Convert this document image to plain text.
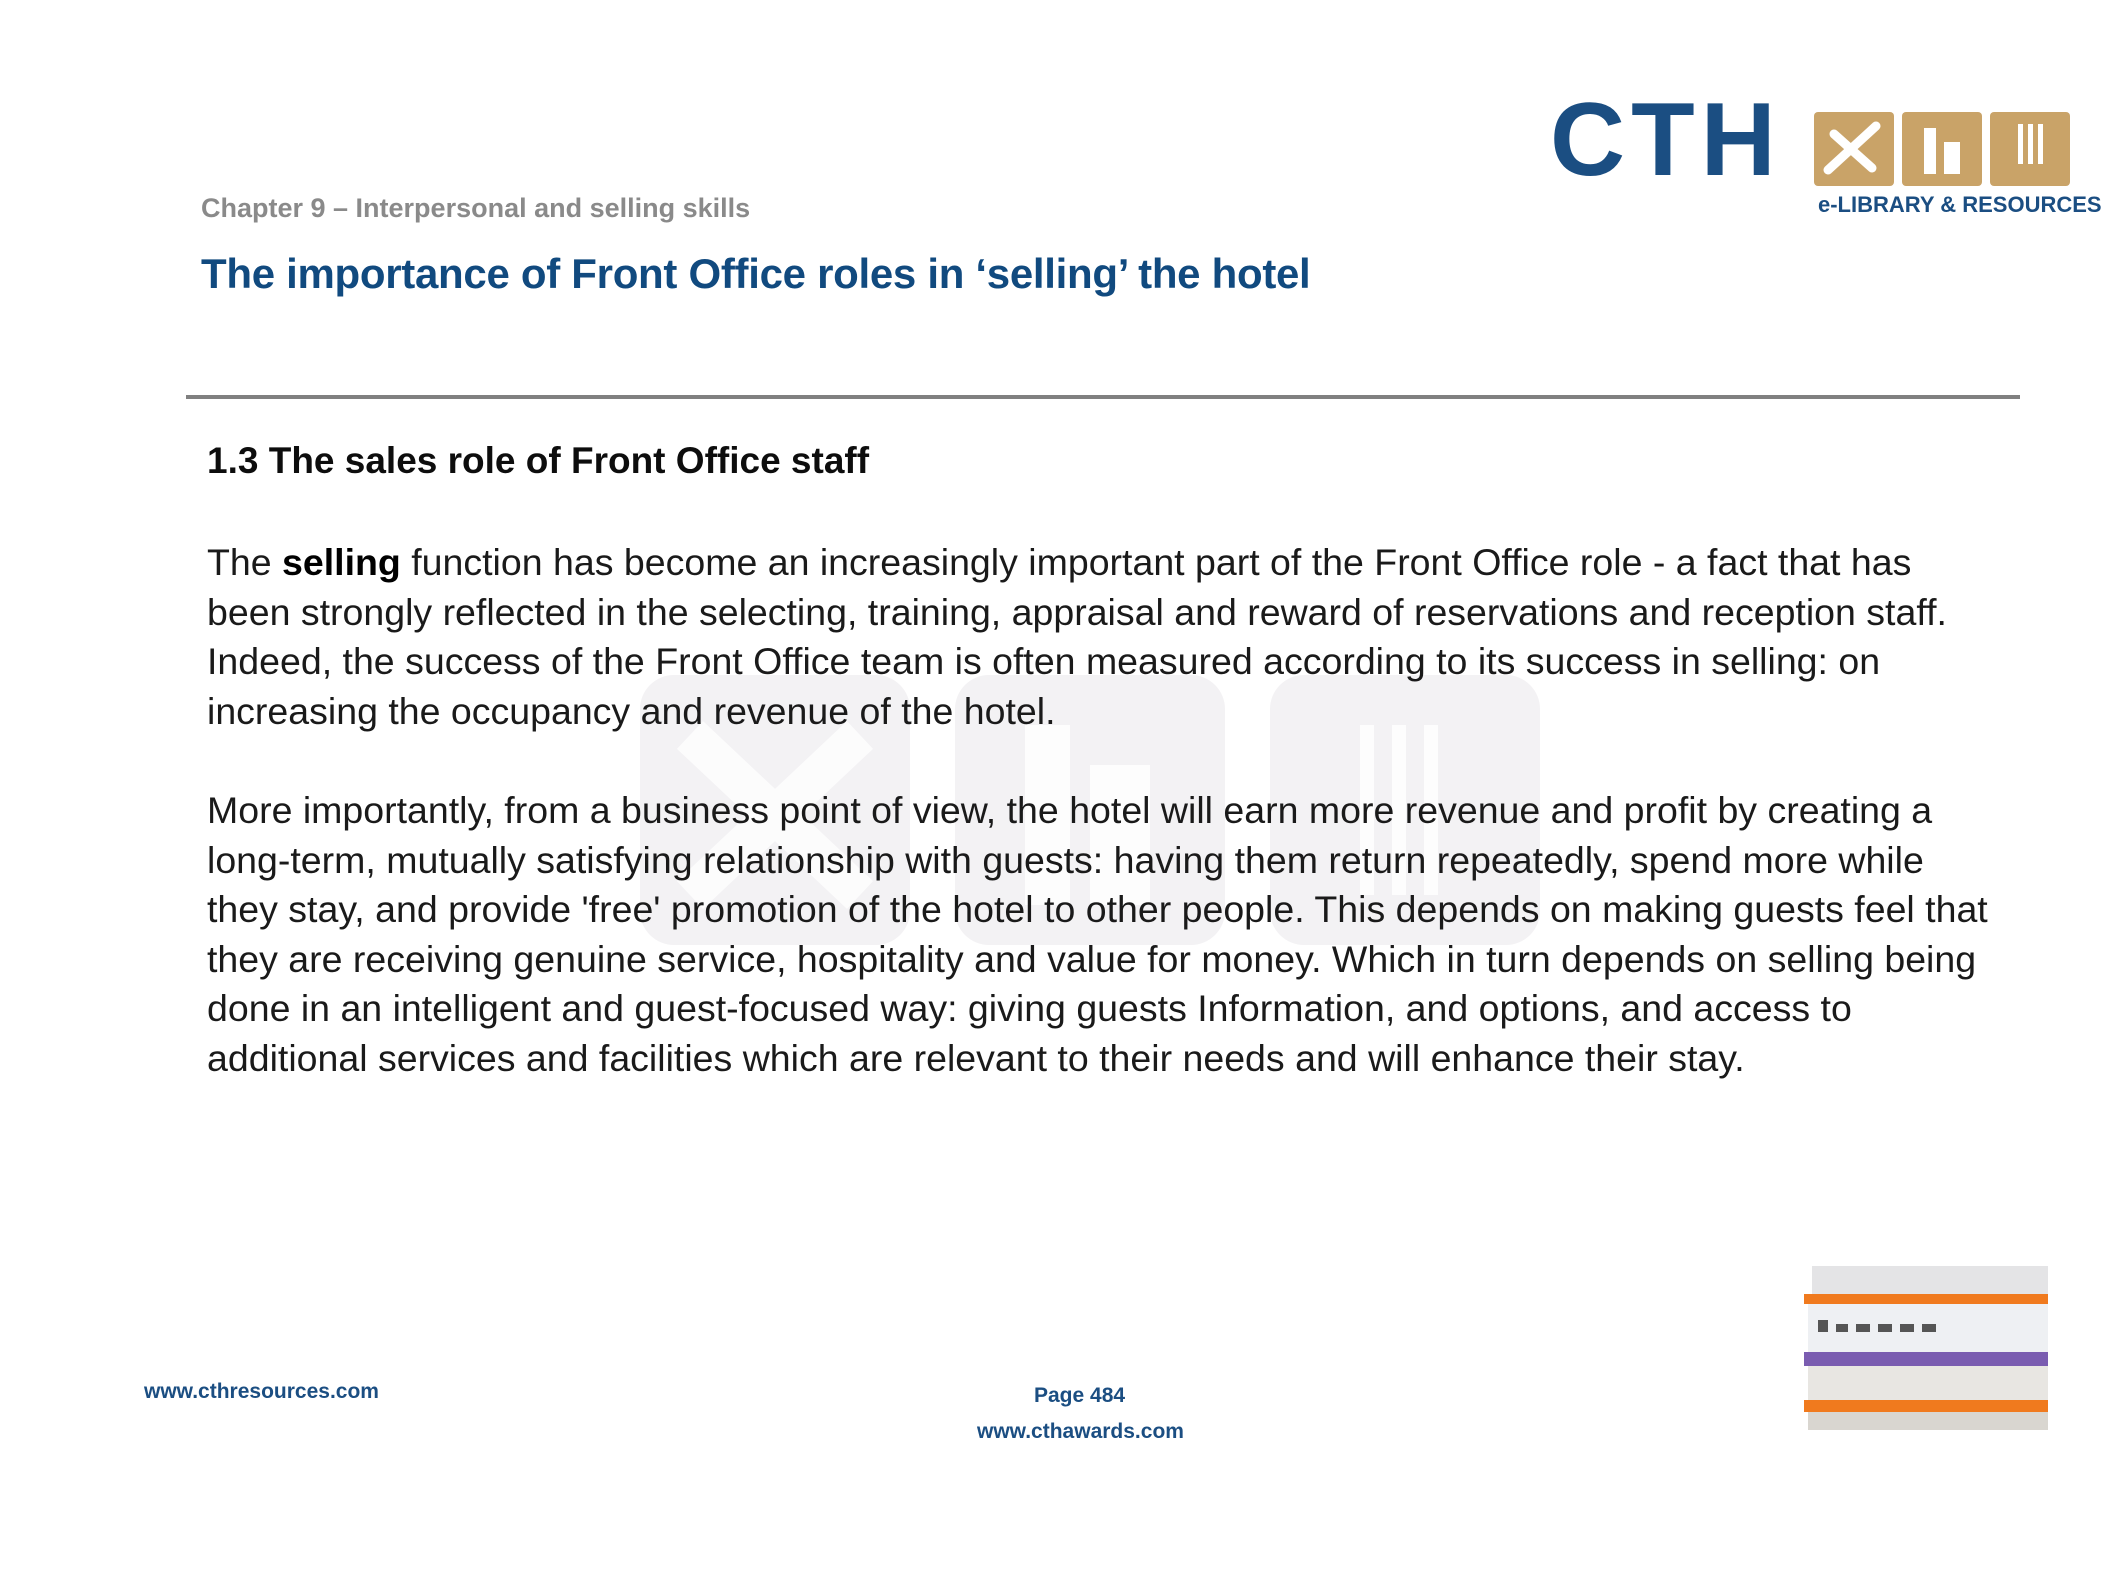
Chapter 9 – Interpersonal and selling skills
The importance of Front Office roles in ‘selling’ the hotel
CTH
e-LIBRARY & RESOURCES
1.3 The sales role of Front Office staff

The selling function has become an increasingly important part of the Front Office role - a fact that has been strongly reflected in the selecting, training, appraisal and reward of reservations and reception staff. Indeed, the success of the Front Office team is often measured according to its success in selling: on increasing the occupancy and revenue of the hotel.

More importantly, from a business point of view, the hotel will earn more revenue and profit by creating a long-term, mutually satisfying relationship with guests: having them return repeatedly, spend more while they stay, and provide 'free' promotion of the hotel to other people. This depends on making guests feel that they are receiving genuine service, hospitality and value for money. Which in turn depends on selling being done in an intelligent and guest-focused way: giving guests Information, and options, and access to additional services and facilities which are relevant to their needs and will enhance their stay.

www.cthresources.com	Page 484
www.cthawards.com
